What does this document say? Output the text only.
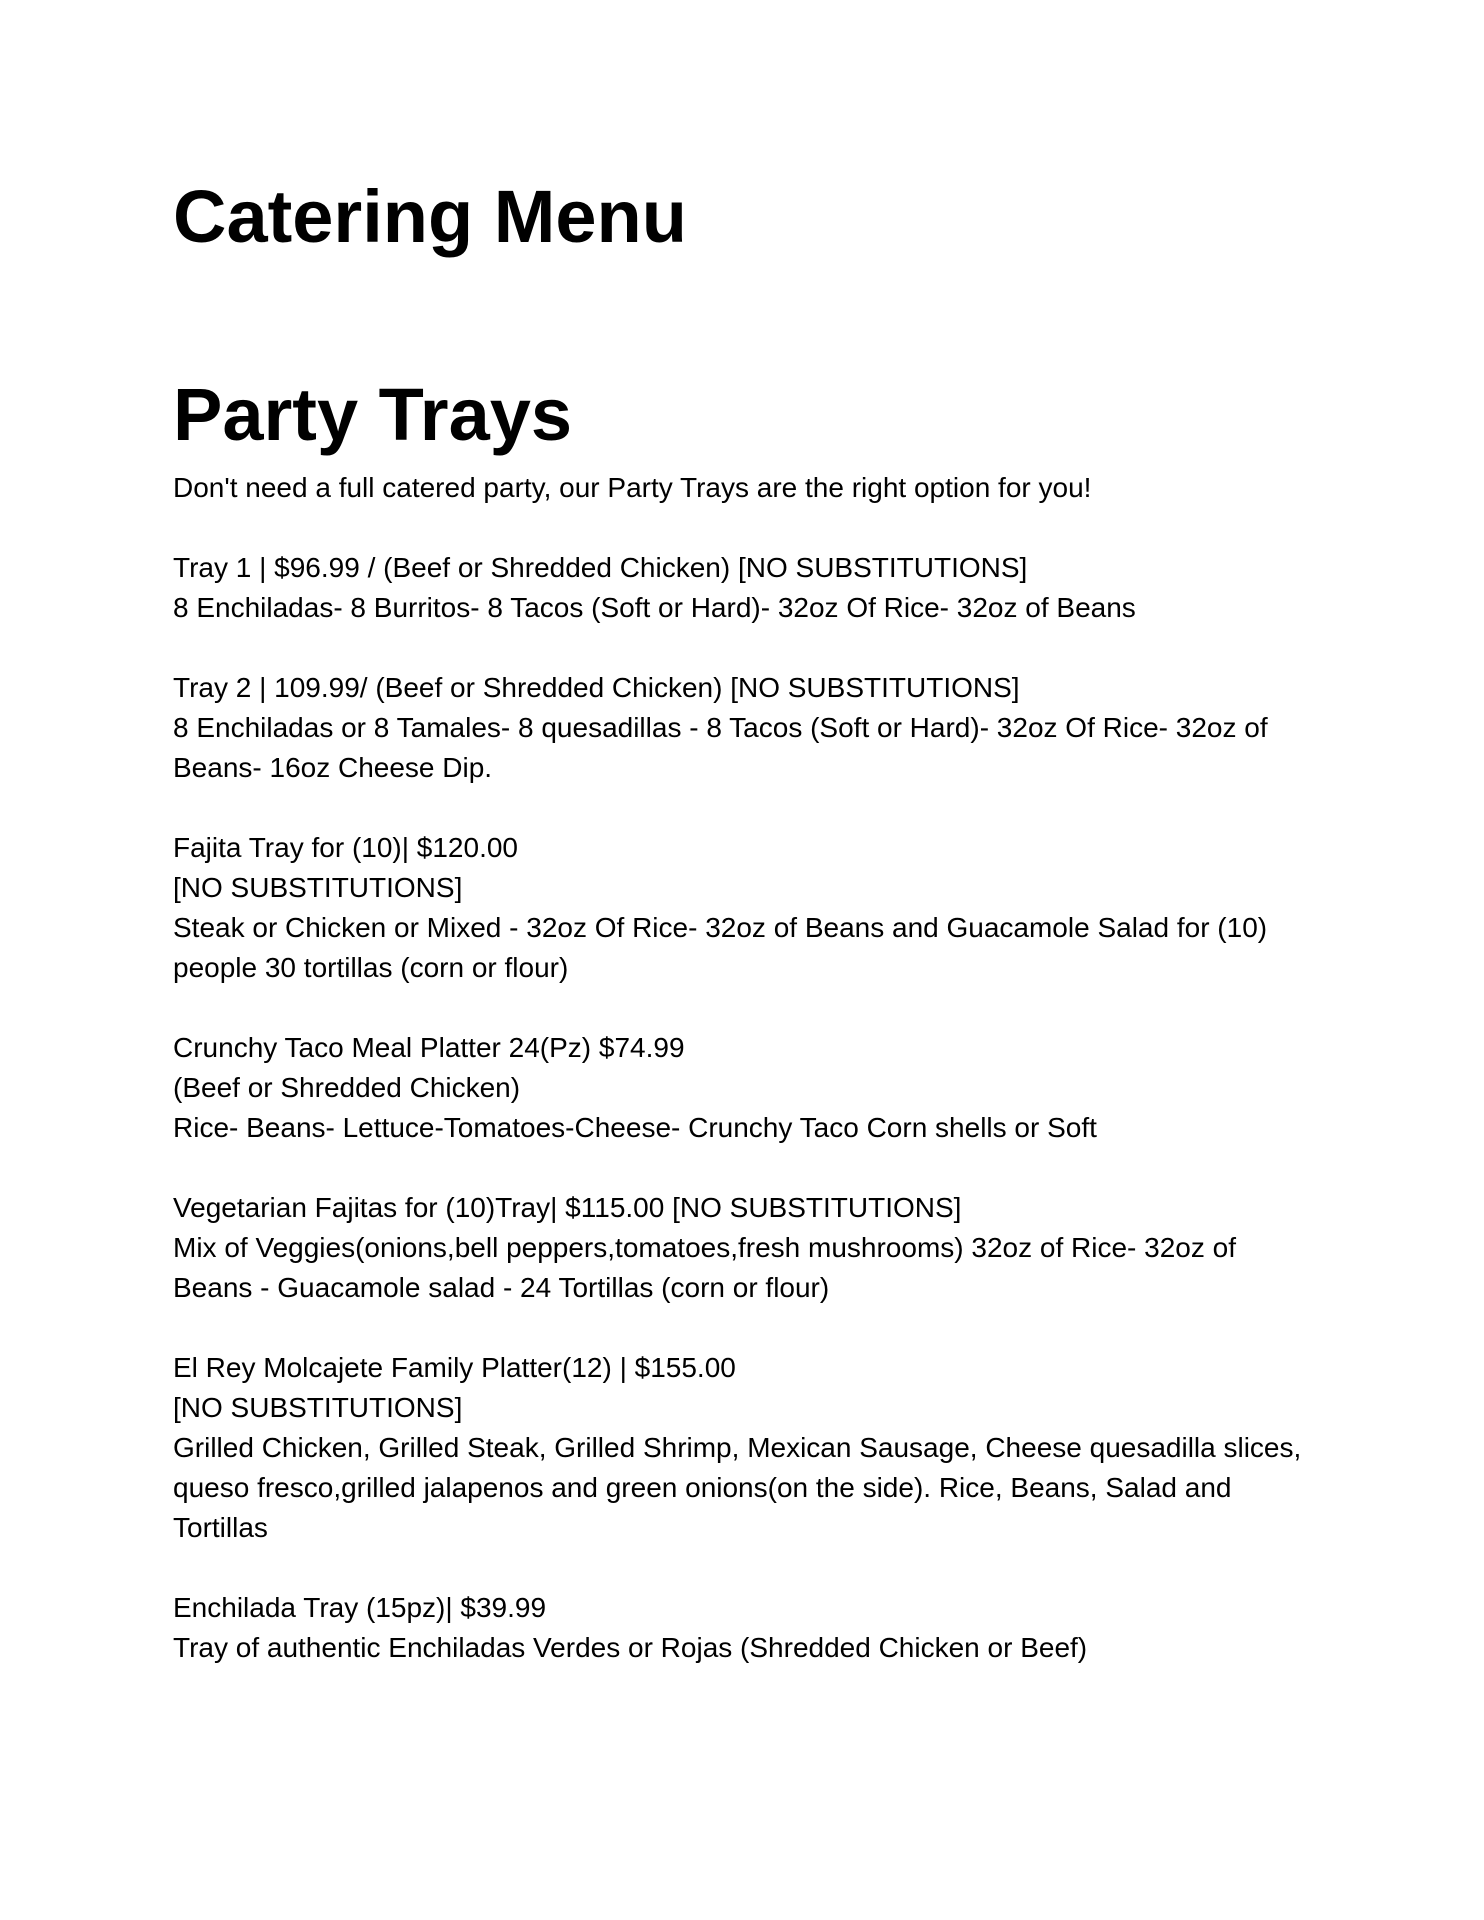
Catering Menu
Party Trays

Don't need a full catered party, our Party Trays are the right option for you!

Tray 1 | $96.99 / (Beef or Shredded Chicken) [NO SUBSTITUTIONS]

8 Enchiladas- 8 Burritos- 8 Tacos (Soft or Hard)- 32oz Of Rice- 32oz of Beans

Tray 2 | 109.99/ (Beef or Shredded Chicken) [NO SUBSTITUTIONS]

8 Enchiladas or 8 Tamales- 8 quesadillas - 8 Tacos (Soft or Hard)- 32oz Of Rice- 32oz of Beans- 16oz Cheese Dip.

Fajita Tray for (10)| $120.00

[NO SUBSTITUTIONS]

Steak or Chicken or Mixed - 32oz Of Rice- 32oz of Beans and Guacamole Salad for (10) people 30 tortillas (corn or flour)

Crunchy Taco Meal Platter 24(Pz) $74.99

(Beef or Shredded Chicken)

Rice- Beans- Lettuce-Tomatoes-Cheese- Crunchy Taco Corn shells or Soft

Vegetarian Fajitas for (10)Tray| $115.00 [NO SUBSTITUTIONS]

Mix of Veggies(onions,bell peppers,tomatoes,fresh mushrooms) 32oz of Rice- 32oz of Beans - Guacamole salad - 24 Tortillas (corn or flour)

El Rey Molcajete Family Platter(12) | $155.00

[NO SUBSTITUTIONS]

Grilled Chicken, Grilled Steak, Grilled Shrimp, Mexican Sausage, Cheese quesadilla slices, queso fresco,grilled jalapenos and green onions(on the side). Rice, Beans, Salad and Tortillas

Enchilada Tray (15pz)| $39.99

Tray of authentic Enchiladas Verdes or Rojas (Shredded Chicken or Beef)
